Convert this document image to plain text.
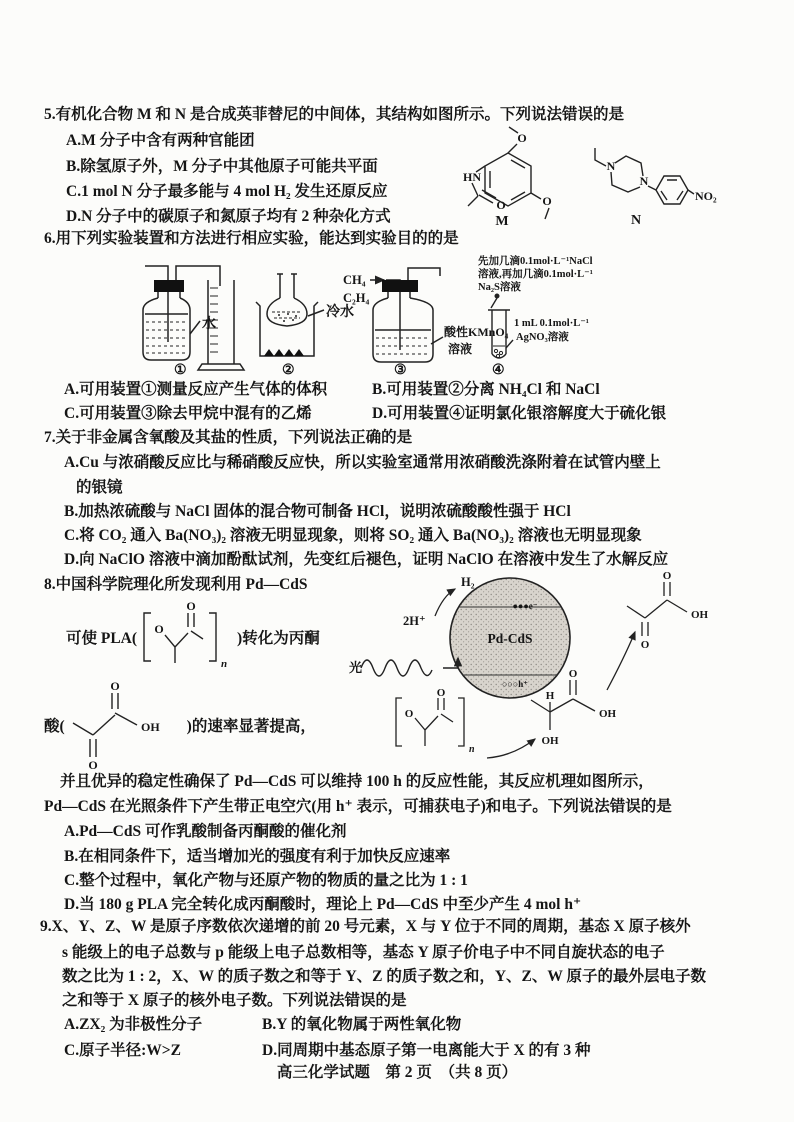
5.有机化合物 M 和 N 是合成英菲替尼的中间体，其结构如图所示。下列说法错误的是
A.M 分子中含有两种官能团
B.除氢原子外，M 分子中其他原子可能共平面
C.1 mol N 分子最多能与 4 mol H₂ 发生还原反应
D.N 分子中的碳原子和氮原子均有 2 种杂化方式
O
O
HN
O
M
N
N
NO₂
N
6.用下列实验装置和方法进行相应实验，能达到实验目的的是
水
①
冷水
②
CH₄
C₂H₄
酸性KMnO₄
溶液
③
先加几滴0.1mol·L⁻¹NaCl
溶液,再加几滴0.1mol·L⁻¹
Na₂S溶液
1 mL 0.1mol·L⁻¹
AgNO₃溶液
④
A.可用装置①测量反应产生气体的体积	B.可用装置②分离 NH₄Cl 和 NaCl
C.可用装置③除去甲烷中混有的乙烯	D.可用装置④证明氯化银溶解度大于硫化银
7.关于非金属含氧酸及其盐的性质，下列说法正确的是
A.Cu 与浓硝酸反应比与稀硝酸反应快，所以实验室通常用浓硝酸洗涤附着在试管内壁上
的银镜
B.加热浓硫酸与 NaCl 固体的混合物可制备 HCl，说明浓硫酸酸性强于 HCl
C.将 CO₂ 通入 Ba(NO₃)₂ 溶液无明显现象，则将 SO₂ 通入 Ba(NO₃)₂ 溶液也无明显现象
D.向 NaClO 溶液中滴加酚酞试剂，先变红后褪色，证明 NaClO 在溶液中发生了水解反应
8.中国科学院理化所发现利用 Pd—CdS
可使 PLA(
O
O
n
)转化为丙酮
酸(
O
O
OH )的速率显著提高，
Pd-CdS
●●●e⁻
○○○h⁺
2H⁺
H₂
光
O
O
n
H
O
OH
OH
O
O
OH
并且优异的稳定性确保了 Pd—CdS 可以维持 100 h 的反应性能，其反应机理如图所示，
Pd—CdS 在光照条件下产生带正电空穴(用 h⁺ 表示，可捕获电子)和电子。下列说法错误的是
A.Pd—CdS 可作乳酸制备丙酮酸的催化剂
B.在相同条件下，适当增加光的强度有利于加快反应速率
C.整个过程中，氧化产物与还原产物的物质的量之比为 1 : 1
D.当 180 g PLA 完全转化成丙酮酸时，理论上 Pd—CdS 中至少产生 4 mol h⁺
9.X、Y、Z、W 是原子序数依次递增的前 20 号元素，X 与 Y 位于不同的周期，基态 X 原子核外
s 能级上的电子总数与 p 能级上电子总数相等，基态 Y 原子价电子中不同自旋状态的电子
数之比为 1 : 2，X、W 的质子数之和等于 Y、Z 的质子数之和，Y、Z、W 原子的最外层电子数
之和等于 X 原子的核外电子数。下列说法错误的是
A.ZX₂ 为非极性分子	B.Y 的氧化物属于两性氧化物
C.原子半径:W>Z	D.同周期中基态原子第一电离能大于 X 的有 3 种
高三化学试题　第 2 页　（共 8 页）
